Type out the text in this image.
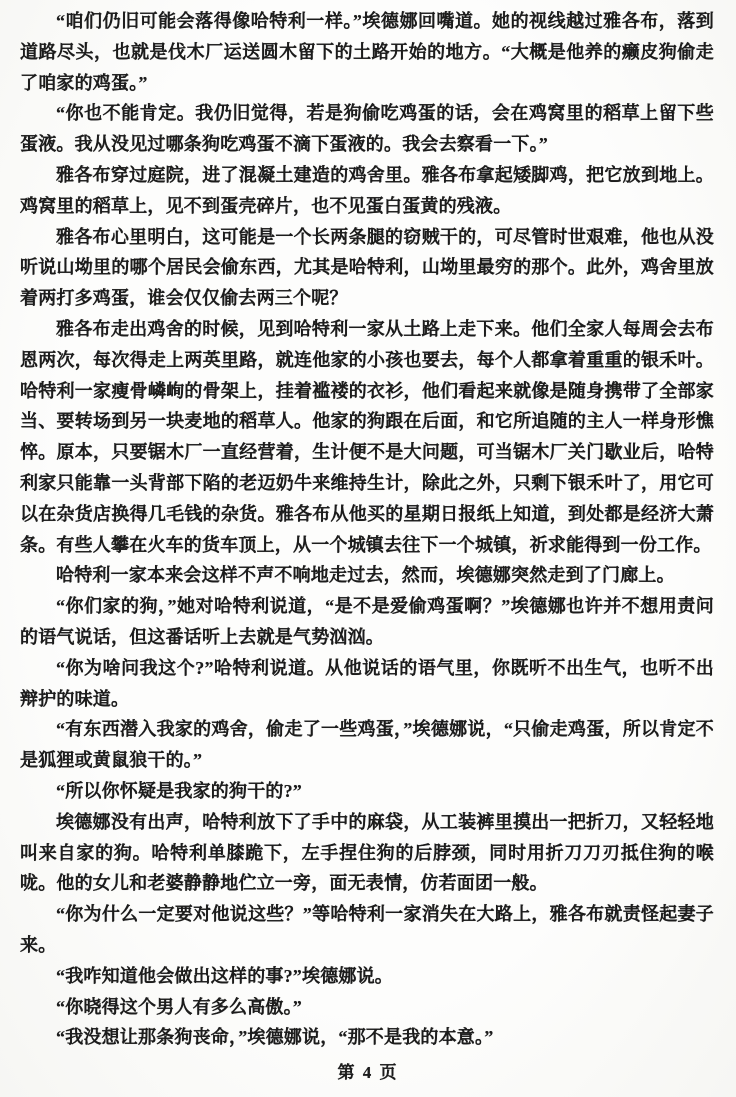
“咱们仍旧可能会落得像哈特利一样。”埃德娜回嘴道。她的视线越过雅各布，落到道路尽头，也就是伐木厂运送圆木留下的土路开始的地方。“大概是他养的癞皮狗偷走了咱家的鸡蛋。”

“你也不能肯定。我仍旧觉得，若是狗偷吃鸡蛋的话，会在鸡窝里的稻草上留下些蛋液。我从没见过哪条狗吃鸡蛋不滴下蛋液的。我会去察看一下。”

雅各布穿过庭院，进了混凝土建造的鸡舍里。雅各布拿起矮脚鸡，把它放到地上。鸡窝里的稻草上，见不到蛋壳碎片，也不见蛋白蛋黄的残液。

雅各布心里明白，这可能是一个长两条腿的窃贼干的，可尽管时世艰难，他也从没听说山坳里的哪个居民会偷东西，尤其是哈特利，山坳里最穷的那个。此外，鸡舍里放着两打多鸡蛋，谁会仅仅偷去两三个呢？

雅各布走出鸡舍的时候，见到哈特利一家从土路上走下来。他们全家人每周会去布恩两次，每次得走上两英里路，就连他家的小孩也要去，每个人都拿着重重的银禾叶。哈特利一家瘦骨嶙峋的骨架上，挂着褴褛的衣衫，他们看起来就像是随身携带了全部家当、要转场到另一块麦地的稻草人。他家的狗跟在后面，和它所追随的主人一样身形憔悴。原本，只要锯木厂一直经营着，生计便不是大问题，可当锯木厂关门歇业后，哈特利家只能靠一头背部下陷的老迈奶牛来维持生计，除此之外，只剩下银禾叶了，用它可以在杂货店换得几毛钱的杂货。雅各布从他买的星期日报纸上知道，到处都是经济大萧条。有些人攀在火车的货车顶上，从一个城镇去往下一个城镇，祈求能得到一份工作。

哈特利一家本来会这样不声不响地走过去，然而，埃德娜突然走到了门廊上。

“你们家的狗，”她对哈特利说道，“是不是爱偷鸡蛋啊？”埃德娜也许并不想用责问的语气说话，但这番话听上去就是气势汹汹。

“你为啥问我这个?”哈特利说道。从他说话的语气里，你既听不出生气，也听不出辩护的味道。

“有东西潜入我家的鸡舍，偷走了一些鸡蛋，”埃德娜说，“只偷走鸡蛋，所以肯定不是狐狸或黄鼠狼干的。”

“所以你怀疑是我家的狗干的?”

埃德娜没有出声，哈特利放下了手中的麻袋，从工装裤里摸出一把折刀，又轻轻地叫来自家的狗。哈特利单膝跪下，左手捏住狗的后脖颈，同时用折刀刀刃抵住狗的喉咙。他的女儿和老婆静静地伫立一旁，面无表情，仿若面团一般。

“你为什么一定要对他说这些？”等哈特利一家消失在大路上，雅各布就责怪起妻子来。

“我咋知道他会做出这样的事?”埃德娜说。

“你晓得这个男人有多么高傲。”

“我没想让那条狗丧命，”埃德娜说，“那不是我的本意。”

第 4 页
